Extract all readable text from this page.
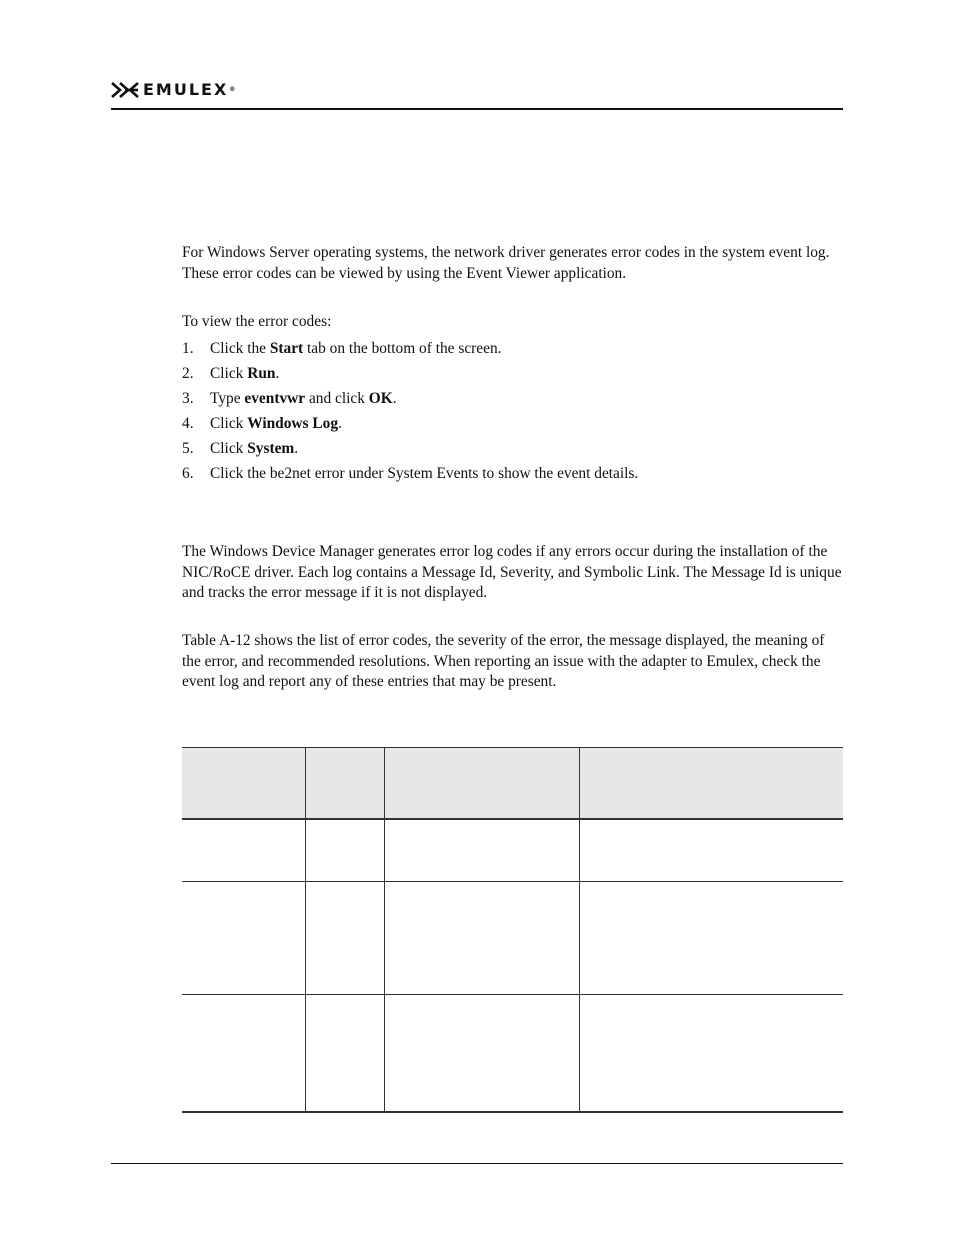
EMULEX®

For Windows Server operating systems, the network driver generates error codes in the system event log. These error codes can be viewed by using the Event Viewer application.

To view the error codes:

1.	Click the Start tab on the bottom of the screen.
2.	Click Run.
3.	Type eventvwr and click OK.
4.	Click Windows Log.
5.	Click System.
6.	Click the be2net error under System Events to show the event details.

The Windows Device Manager generates error log codes if any errors occur during the installation of the NIC/RoCE driver. Each log contains a Message Id, Severity, and Symbolic Link. The Message Id is unique and tracks the error message if it is not displayed.

Table A-12 shows the list of error codes, the severity of the error, the message displayed, the meaning of the error, and recommended resolutions. When reporting an issue with the adapter to Emulex, check the event log and report any of these entries that may be present.
